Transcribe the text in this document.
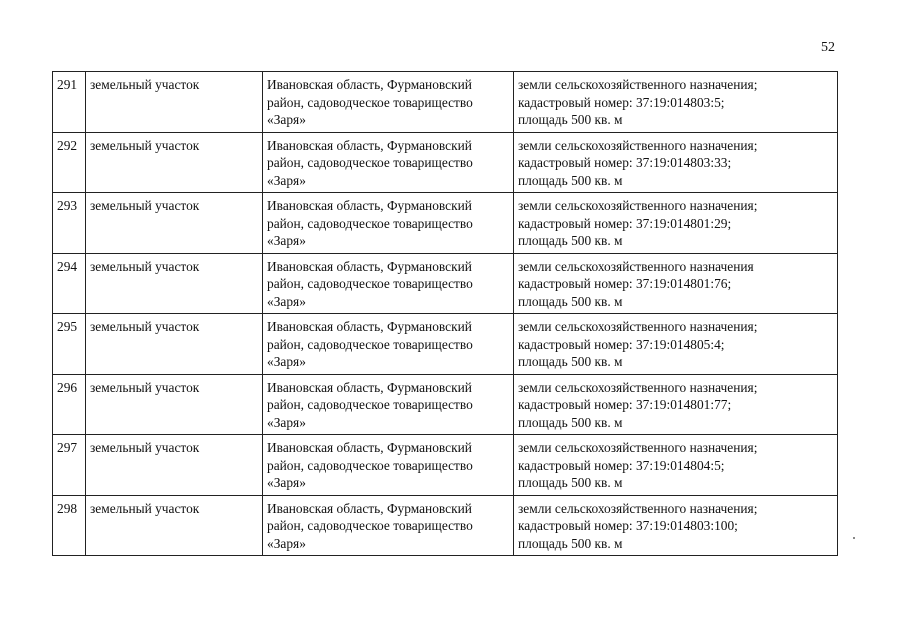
52
291	земельный участок	Ивановская область, Фурмановский
район, садоводческое товарищество
«Заря»	земли сельскохозяйственного назначения;
кадастровый номер: 37:19:014803:5;
площадь 500 кв. м

292	земельный участок	Ивановская область, Фурмановский
район, садоводческое товарищество
«Заря»	земли сельскохозяйственного назначения;
кадастровый номер: 37:19:014803:33;
площадь 500 кв. м

293	земельный участок	Ивановская область, Фурмановский
район, садоводческое товарищество
«Заря»	земли сельскохозяйственного назначения;
кадастровый номер: 37:19:014801:29;
площадь 500 кв. м

294	земельный участок	Ивановская область, Фурмановский
район, садоводческое товарищество
«Заря»	земли сельскохозяйственного назначения
кадастровый номер: 37:19:014801:76;
площадь 500 кв. м

295	земельный участок	Ивановская область, Фурмановский
район, садоводческое товарищество
«Заря»	земли сельскохозяйственного назначения;
кадастровый номер: 37:19:014805:4;
площадь 500 кв. м

296	земельный участок	Ивановская область, Фурмановский
район, садоводческое товарищество
«Заря»	земли сельскохозяйственного назначения;
кадастровый номер: 37:19:014801:77;
площадь 500 кв. м

297	земельный участок	Ивановская область, Фурмановский
район, садоводческое товарищество
«Заря»	земли сельскохозяйственного назначения;
кадастровый номер: 37:19:014804:5;
площадь 500 кв. м

298	земельный участок	Ивановская область, Фурмановский
район, садоводческое товарищество
«Заря»	земли сельскохозяйственного назначения;
кадастровый номер: 37:19:014803:100;
площадь 500 кв. м
